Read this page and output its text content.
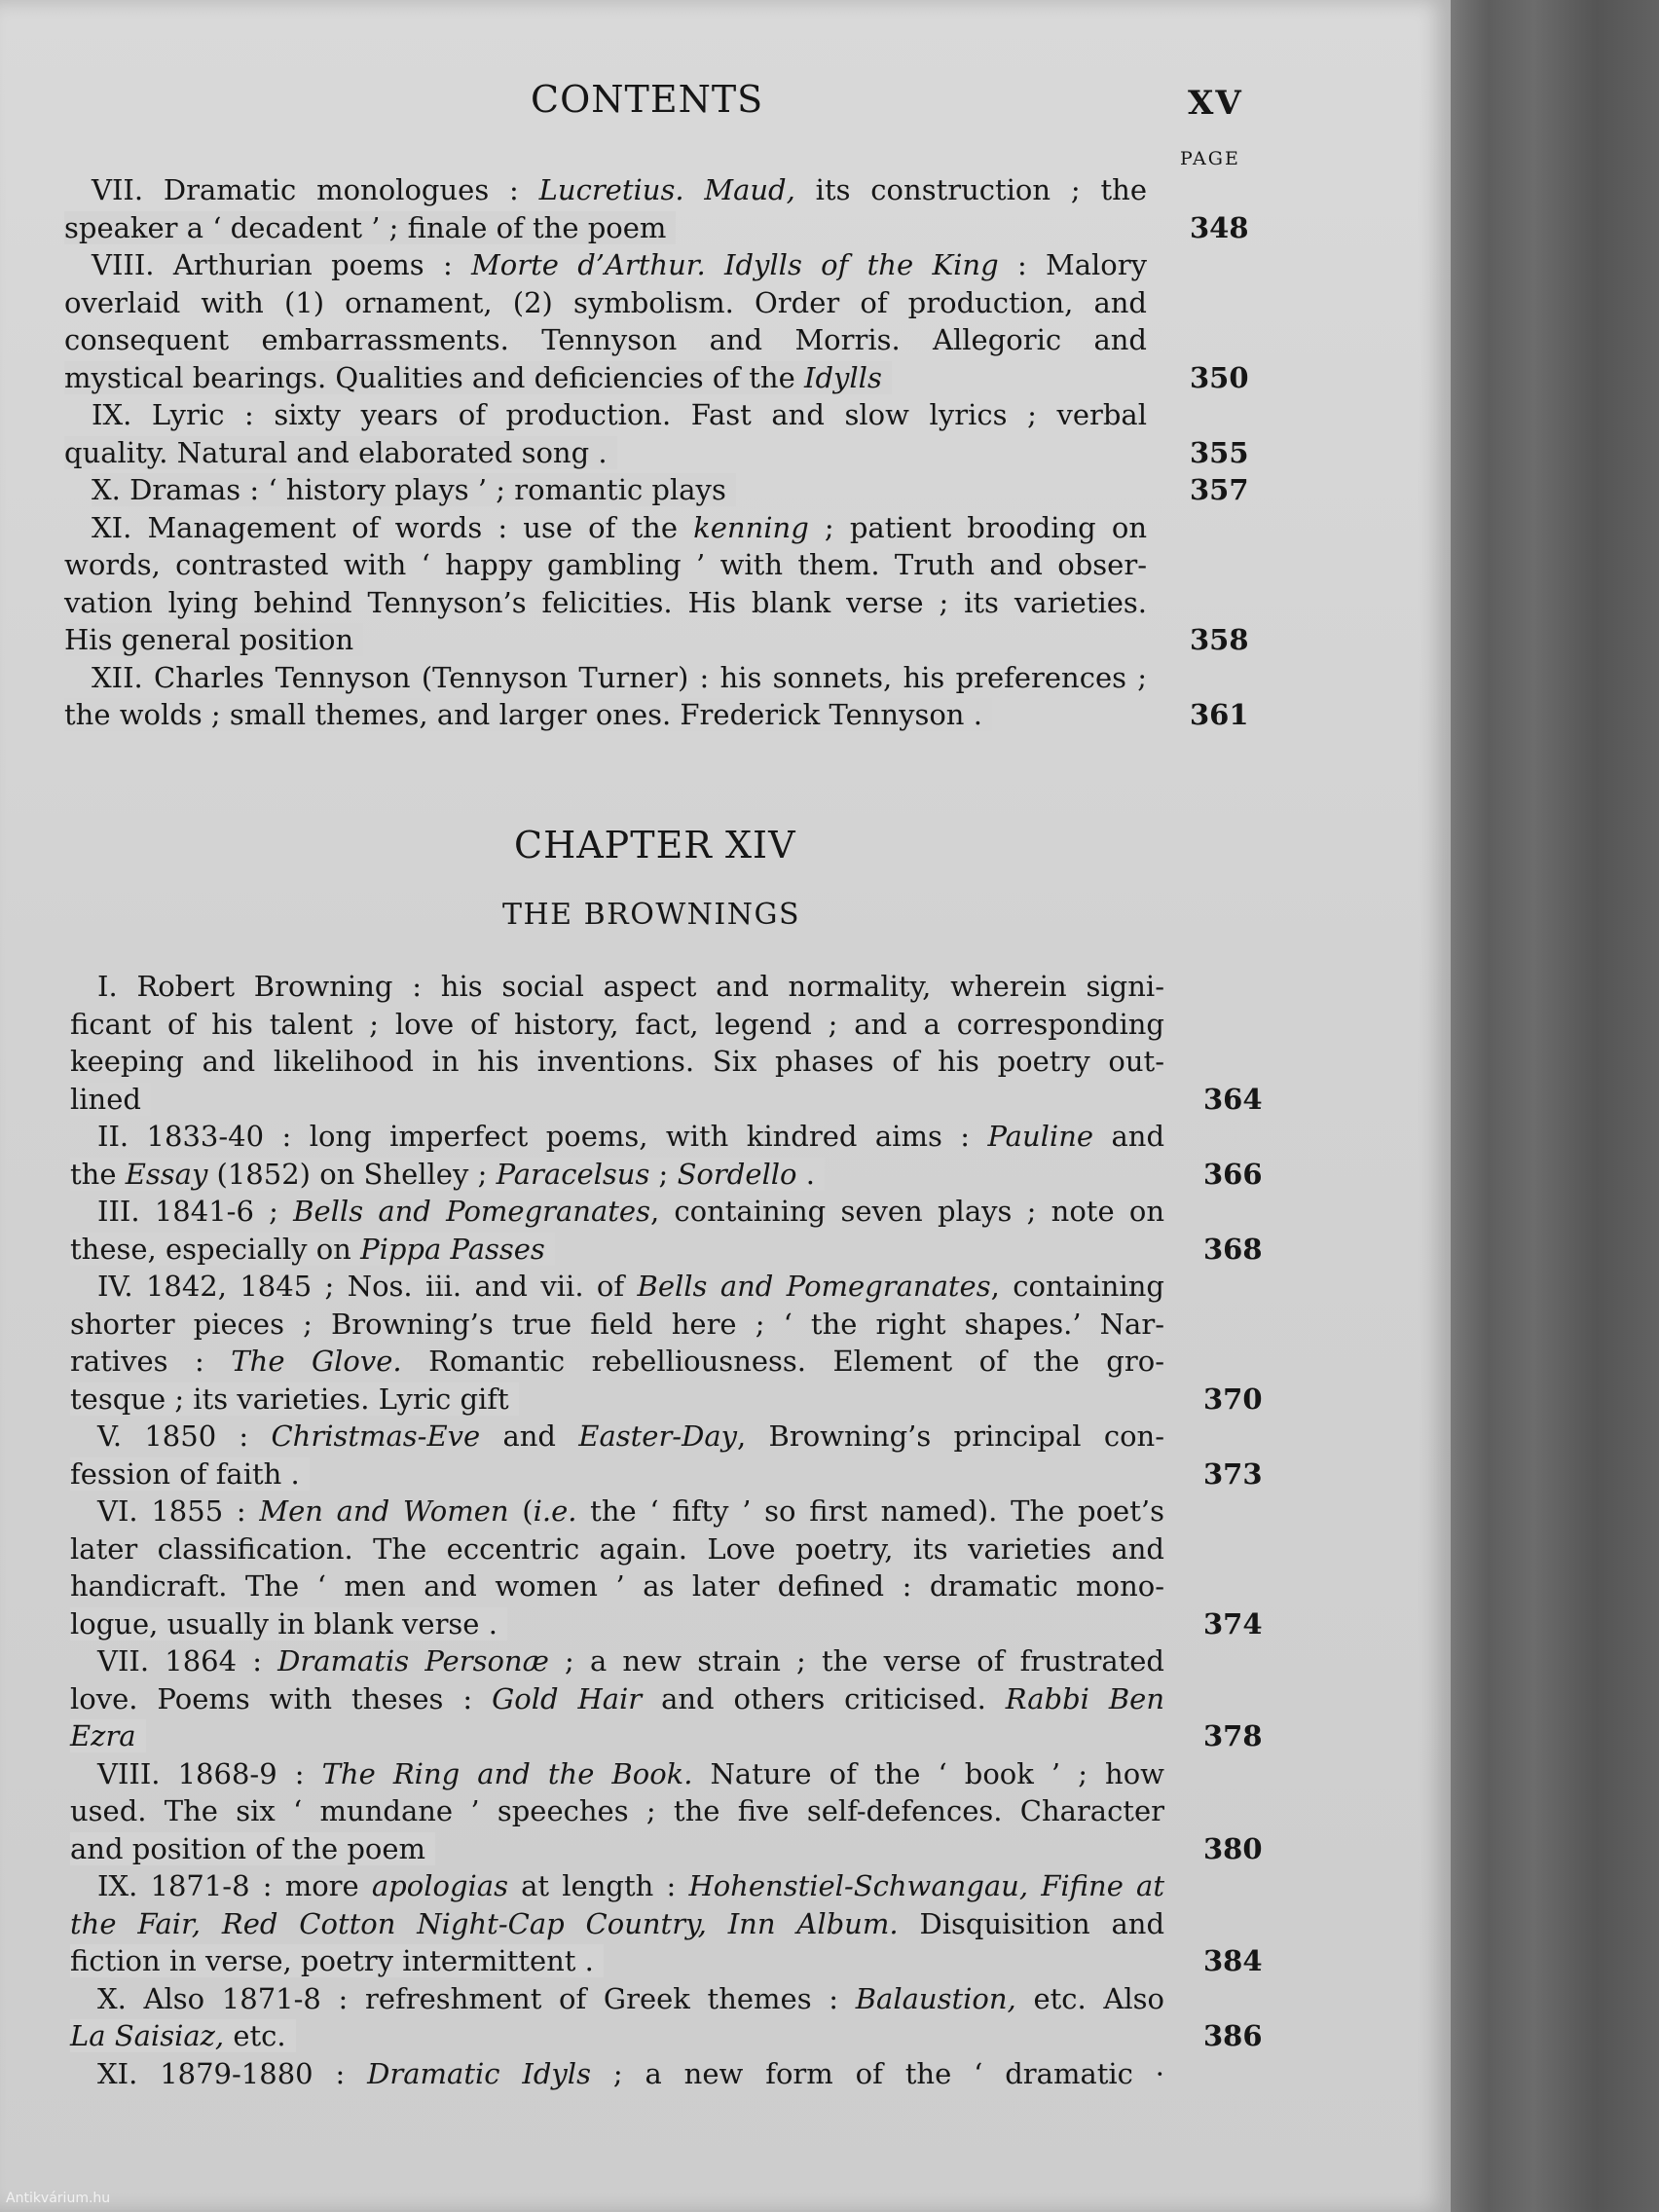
CONTENTS	XV
PAGE
VII. Dramatic monologues : Lucretius. Maud, its construction ; the
speaker a ‘ decadent ’ ; finale of the poem	348
VIII. Arthurian poems : Morte d’Arthur. Idylls of the King : Malory
overlaid with (1) ornament, (2) symbolism. Order of production, and
consequent embarrassments. Tennyson and Morris. Allegoric and
mystical bearings. Qualities and deficiencies of the Idylls	350
IX. Lyric : sixty years of production. Fast and slow lyrics ; verbal
quality. Natural and elaborated song .	355
X. Dramas : ‘ history plays ’ ; romantic plays	357
XI. Management of words : use of the kenning ; patient brooding on
words, contrasted with ‘ happy gambling ’ with them. Truth and obser-
vation lying behind Tennyson’s felicities. His blank verse ; its varieties.
His general position	358
XII. Charles Tennyson (Tennyson Turner) : his sonnets, his preferences ;
the wolds ; small themes, and larger ones. Frederick Tennyson .	361
CHAPTER XIV
THE BROWNINGS
I. Robert Browning : his social aspect and normality, wherein signi-
ficant of his talent ; love of history, fact, legend ; and a corresponding
keeping and likelihood in his inventions. Six phases of his poetry out-
lined	364
II. 1833-40 : long imperfect poems, with kindred aims : Pauline and
the Essay (1852) on Shelley ; Paracelsus ; Sordello .	366
III. 1841-6 ; Bells and Pomegranates, containing seven plays ; note on
these, especially on Pippa Passes	368
IV. 1842, 1845 ; Nos. iii. and vii. of Bells and Pomegranates, containing
shorter pieces ; Browning’s true field here ; ‘ the right shapes.’ Nar-
ratives : The Glove. Romantic rebelliousness. Element of the gro-
tesque ; its varieties. Lyric gift	370
V. 1850 : Christmas-Eve and Easter-Day, Browning’s principal con-
fession of faith .	373
VI. 1855 : Men and Women (i.e. the ‘ fifty ’ so first named). The poet’s
later classification. The eccentric again. Love poetry, its varieties and
handicraft. The ‘ men and women ’ as later defined : dramatic mono-
logue, usually in blank verse .	374
VII. 1864 : Dramatis Personæ ; a new strain ; the verse of frustrated
love. Poems with theses : Gold Hair and others criticised. Rabbi Ben
Ezra	378
VIII. 1868-9 : The Ring and the Book. Nature of the ‘ book ’ ; how
used. The six ‘ mundane ’ speeches ; the five self-defences. Character
and position of the poem	380
IX. 1871-8 : more apologias at length : Hohenstiel-Schwangau, Fifine at
the Fair, Red Cotton Night-Cap Country, Inn Album. Disquisition and
fiction in verse, poetry intermittent .	384
X. Also 1871-8 : refreshment of Greek themes : Balaustion, etc. Also
La Saisiaz, etc.	386
XI. 1879-1880 : Dramatic Idyls ; a new form of the ‘ dramatic ·
Antikvárium.hu
